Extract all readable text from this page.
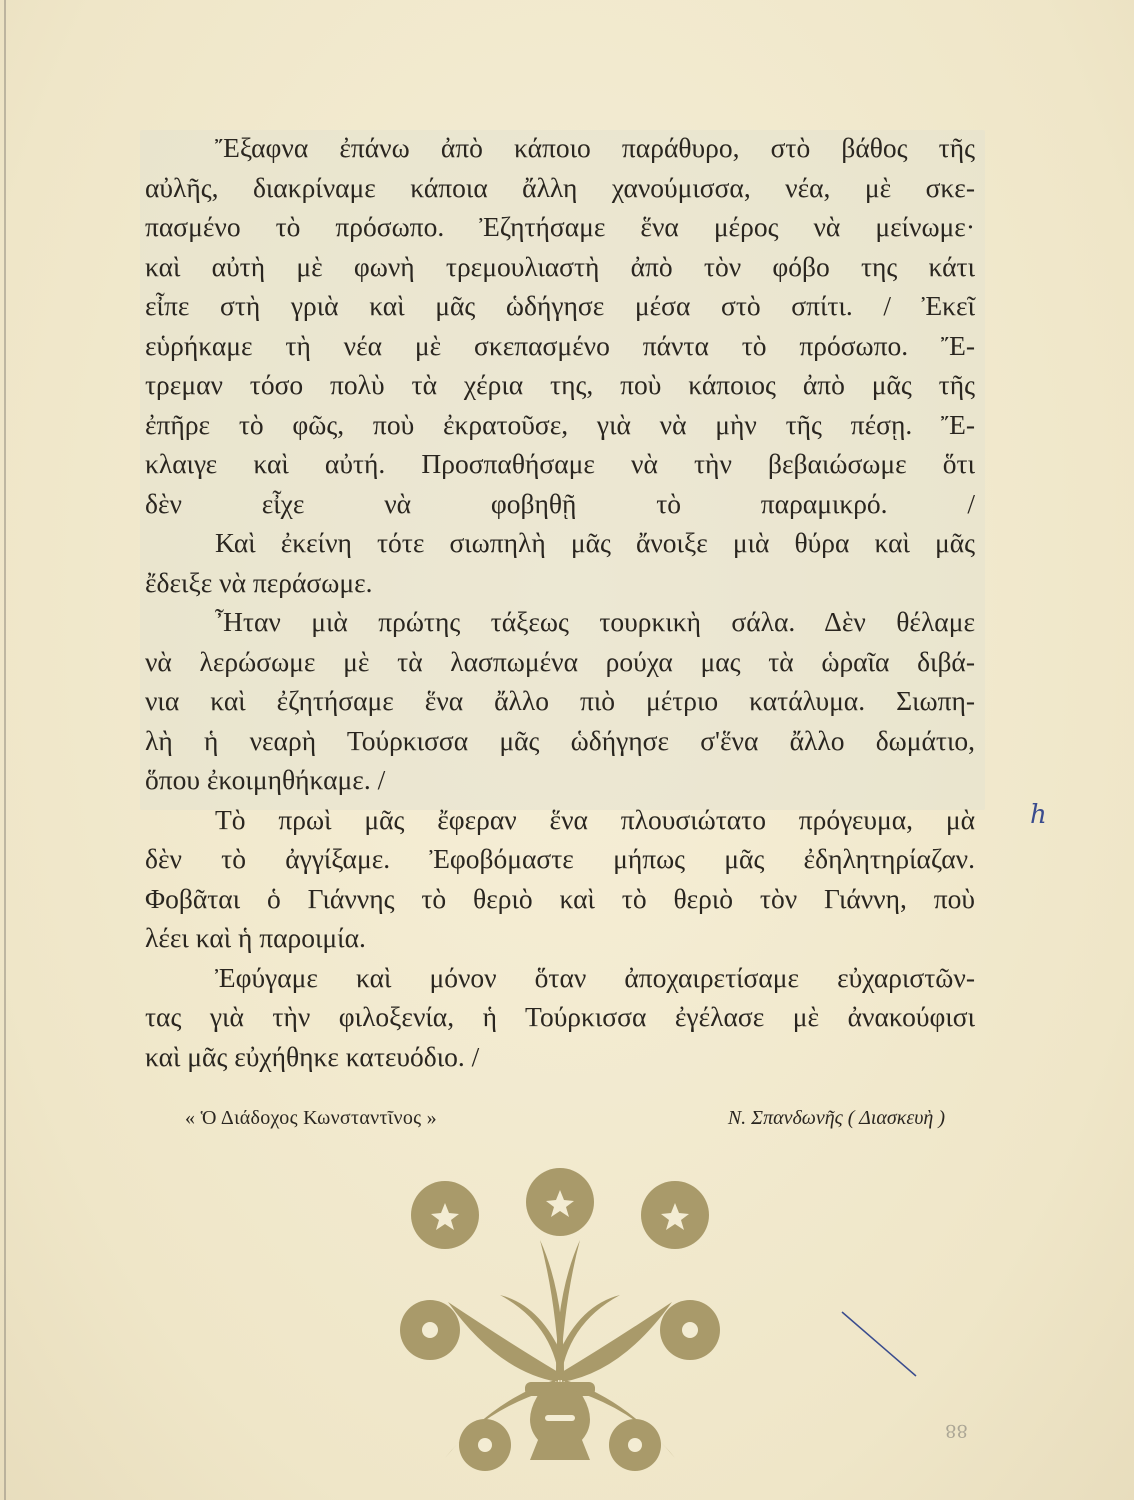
Ἔξαφνα ἐπάνω ἀπὸ κάποιο παράθυρο, στὸ βάθος τῆς
αὐλῆς, διακρίναμε κάποια ἄλλη χανούμισσα, νέα, μὲ σκε-
πασμένο τὸ πρόσωπο. Ἐζητήσαμε ἕνα μέρος νὰ μείνωμε·
καὶ αὐτὴ μὲ φωνὴ τρεμουλιαστὴ ἀπὸ τὸν φόβο της κάτι
εἶπε στὴ γριὰ καὶ μᾶς ὡδήγησε μέσα στὸ σπίτι. / Ἐκεῖ
εὑρήκαμε τὴ νέα μὲ σκεπασμένο πάντα τὸ πρόσωπο. Ἔ-
τρεμαν τόσο πολὺ τὰ χέρια της, ποὺ κάποιος ἀπὸ μᾶς τῆς
ἐπῆρε τὸ φῶς, ποὺ ἐκρατοῦσε, γιὰ νὰ μὴν τῆς πέσῃ. Ἔ-
κλαιγε καὶ αὐτή. Προσπαθήσαμε νὰ τὴν βεβαιώσωμε ὅτι
δὲν εἶχε νὰ φοβηθῇ τὸ παραμικρό. /

Καὶ ἐκείνη τότε σιωπηλὴ μᾶς ἄνοιξε μιὰ θύρα καὶ μᾶς
ἔδειξε νὰ περάσωμε.

Ἦταν μιὰ πρώτης τάξεως τουρκικὴ σάλα. Δὲν θέλαμε
νὰ λερώσωμε μὲ τὰ λασπωμένα ρούχα μας τὰ ὡραῖα διβά-
νια καὶ ἐζητήσαμε ἕνα ἄλλο πιὸ μέτριο κατάλυμα. Σιωπη-
λὴ ἡ νεαρὴ Τούρκισσα μᾶς ὡδήγησε σ'ἕνα ἄλλο δωμάτιο,
ὅπου ἐκοιμηθήκαμε. /

Τὸ πρωὶ μᾶς ἔφεραν ἕνα πλουσιώτατο πρόγευμα, μὰ
δὲν τὸ ἀγγίξαμε. Ἐφοβόμαστε μήπως μᾶς ἐδηλητηρίαζαν.
Φοβᾶται ὁ Γιάννης τὸ θεριὸ καὶ τὸ θεριὸ τὸν Γιάννη, ποὺ
λέει καὶ ἡ παροιμία.

Ἐφύγαμε καὶ μόνον ὅταν ἀποχαιρετίσαμε εὐχαριστῶν-
τας γιὰ τὴν φιλοξενία, ἡ Τούρκισσα ἐγέλασε μὲ ἀνακούφισι
καὶ μᾶς εὐχήθηκε κατευόδιο. /

h
« Ὁ Διάδοχος Κωνσταντῖνος »	Ν. Σπανδωνῆς ( Διασκευὴ )
88
